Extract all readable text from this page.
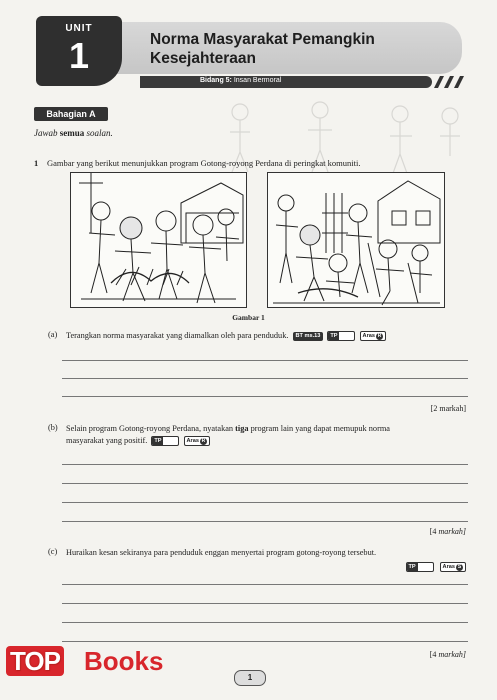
UNIT
1	Norma Masyarakat Pemangkin
Kesejahteraan
Bidang 5: Insan Bermoral
Bahagian A
Jawab semua soalan.
1 Gambar yang berikut menunjukkan program Gotong-royong Perdana di peringkat komuniti.
Gambar 1
(a) Terangkan norma masyarakat yang diamalkan oleh para penduduk. BT ms.13	TP	Aras R
[2 markah]
(b) Selain program Gotong-royong Perdana, nyatakan tiga program lain yang dapat memupuk norma
masyarakat yang positif.	TP	Aras R
[4 markah]
(c) Huraikan kesan sekiranya para penduduk enggan menyertai program gotong-royong tersebut.
TP	Aras S
[4 markah]
1
TOP Books
